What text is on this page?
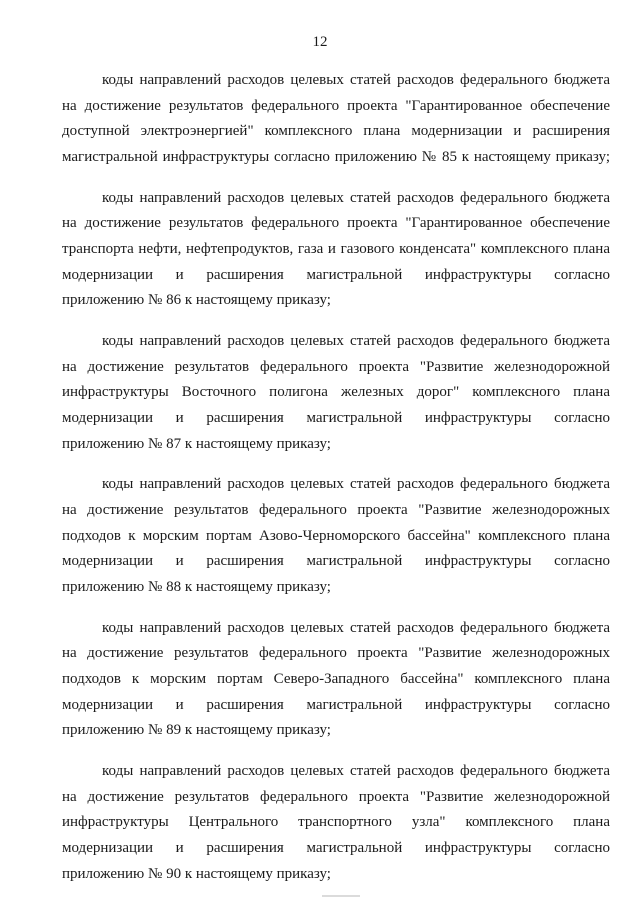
12
коды направлений расходов целевых статей расходов федерального бюджета
на достижение результатов федерального проекта "Гарантированное обеспечение
доступной электроэнергией" комплексного плана модернизации и расширения
магистральной инфраструктуры согласно приложению № 85 к настоящему приказу;
коды направлений расходов целевых статей расходов федерального бюджета
на достижение результатов федерального проекта "Гарантированное обеспечение
транспорта нефти, нефтепродуктов, газа и газового конденсата" комплексного плана
модернизации и расширения магистральной инфраструктуры согласно
приложению № 86 к настоящему приказу;
коды направлений расходов целевых статей расходов федерального бюджета
на достижение результатов федерального проекта "Развитие железнодорожной
инфраструктуры Восточного полигона железных дорог" комплексного плана
модернизации и расширения магистральной инфраструктуры согласно
приложению № 87 к настоящему приказу;
коды направлений расходов целевых статей расходов федерального бюджета
на достижение результатов федерального проекта "Развитие железнодорожных
подходов к морским портам Азово-Черноморского бассейна" комплексного плана
модернизации и расширения магистральной инфраструктуры согласно
приложению № 88 к настоящему приказу;
коды направлений расходов целевых статей расходов федерального бюджета
на достижение результатов федерального проекта "Развитие железнодорожных
подходов к морским портам Северо-Западного бассейна" комплексного плана
модернизации и расширения магистральной инфраструктуры согласно
приложению № 89 к настоящему приказу;
коды направлений расходов целевых статей расходов федерального бюджета
на достижение результатов федерального проекта "Развитие железнодорожной
инфраструктуры Центрального транспортного узла" комплексного плана
модернизации и расширения магистральной инфраструктуры согласно
приложению № 90 к настоящему приказу;
